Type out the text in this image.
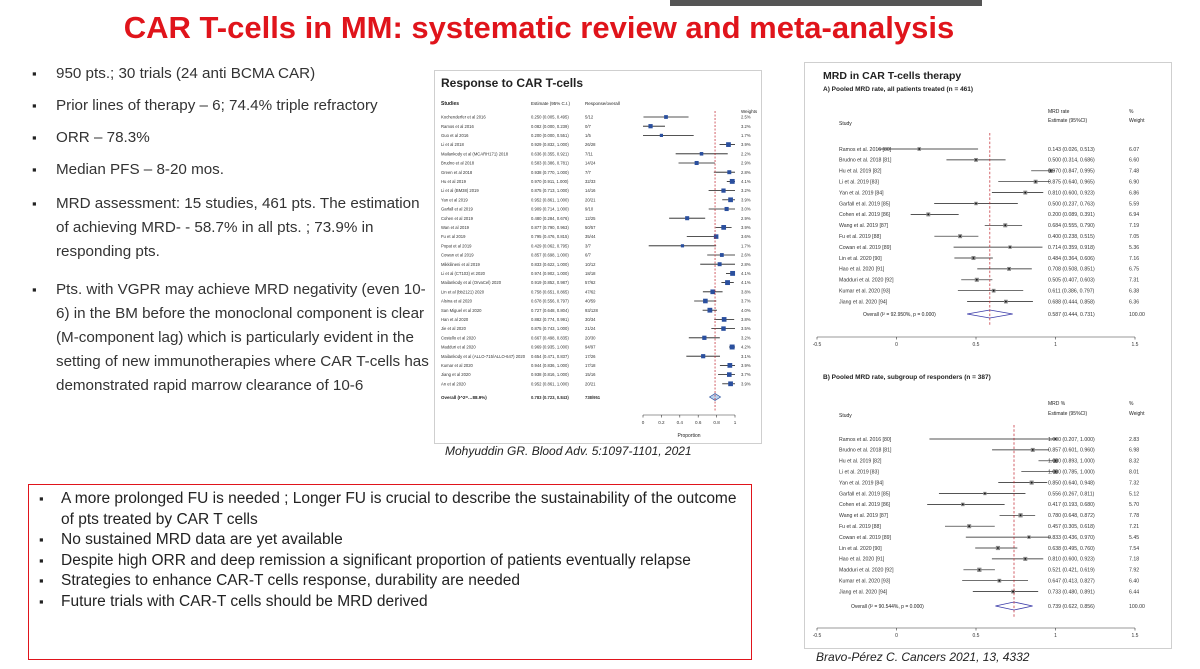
CAR T-cells in MM: systematic review and meta-analysis
▪ 950 pts.; 30 trials (24 anti BCMA CAR)
▪ Prior lines of therapy – 6; 74.4% triple refractory
▪ ORR – 78.3%
▪ Median PFS – 8-20 mos.
▪ MRD assessment: 15 studies, 461 pts. The estimation of achieving MRD- - 58.7% in all pts. ; 73.9% in responding pts.
▪ Pts. with VGPR may achieve MRD negativity (even 10-6) in the BM before the monoclonal component is clear (M-component lag) which is particularly evident in the setting of new immunotherapies where CAR T-cells has demonstrated rapid marrow clearance of 10-6
Response to CAR T-cells
Studies	Estimate (95% C.I.)	Response/overall
Weights
Kochenderfer et al 2016	0.250 (0.005, 0.495)	5/12	2.5%
Ramos et al 2016	0.082 (0.000, 0.239)	0/7	3.2%
Guo et al 2016	0.200 (0.000, 0.551)	1/5	1.7%
Li et al 2018	0.929 (0.832, 1.000)	26/28	3.9%
Mailankody et al (MCARH171) 2018	0.636 (0.355, 0.921)	7/11	2.2%
Brudno et al 2018	0.583 (0.386, 0.781)	14/24	2.9%
Green et al 2018	0.938 (0.770, 1.000)	7/7	2.8%
Hu et al 2019	0.970 (0.911, 1.000)	32/33	4.1%
Li et al (BM38) 2019	0.875 (0.713, 1.000)	14/16	3.2%
Yan et al 2019	0.952 (0.861, 1.000)	20/21	3.9%
Garfall et al 2019	0.909 (0.714, 1.000)	9/10	3.0%
Cohen et al 2019	0.480 (0.284, 0.676)	12/25	2.9%
Wan et al 2019	0.877 (0.790, 0.963)	50/57	3.9%
Fu et al 2019	0.795 (0.476, 0.815)	35/44	3.6%
Popat et al 2019	0.429 (0.062, 0.795)	3/7	1.7%
Cowan et al 2019	0.857 (0.698, 1.000)	6/7	2.6%
Mikkilineni et al 2019	0.833 (0.622, 1.000)	10/12	2.8%
Li et al (CT103) et 2020	0.974 (0.902, 1.000)	18/18	4.1%
Mailankody et al (OrvaCel) 2020	0.919 (0.852, 0.987)	57/62	4.1%
Lin et al (bb2121) 2020	0.758 (0.651, 0.865)	47/62	3.8%
Alsina et al 2020	0.678 (0.556, 0.797)	40/59	3.7%
San Miguel et al 2020	0.727 (0.648, 0.804)	93/128	4.0%
Han et al 2020	0.882 (0.774, 0.991)	30/34	3.8%
Jie et al 2020	0.875 (0.743, 1.000)	21/24	3.5%
Costello et al 2020	0.667 (0.498, 0.835)	20/30	3.2%
Madduri et al 2020	0.969 (0.935, 1.000)	94/97	4.2%
Mailankody et al (ALLO-715/ALLO-647) 2020 0.654 (0.471, 0.837)	17/26	3.1%
Kumar et al 2020	0.944 (0.836, 1.000)	17/18	3.9%
Jiang et al 2020	0.938 (0.816, 1.000)	15/16	3.7%
An et al 2020	0.952 (0.861, 1.000)	20/21	3.9%
0.783 (0.723, 0.843)	738/951
0	0.2	0.4	0.6	0.8	1
Overall (I^2=…88.9%)
Proportion
Mohyuddin GR. Blood Adv. 5:1097-1101, 2021
MRD in CAR T-cells therapy
A) Pooled MRD rate, all patients treated (n = 461)
MRD rate	%
Study	Estimate (95%CI)	Weight
Ramos et al. 2016 [80]	0.143 (0.026, 0.513)	6.07
Brudno et al. 2018 [81]	0.500 (0.314, 0.686)	6.60
Hu et al. 2019 [82]	0.970 (0.847, 0.995)	7.48
Li et al. 2019 [83]	0.875 (0.640, 0.965)	6.90
Yan et al. 2019 [84]	0.810 (0.600, 0.923)	6.86
Garfall et al. 2019 [85]	0.500 (0.237, 0.763)	5.59
Cohen et al. 2019 [86]	0.200 (0.089, 0.391)	6.94
Wang et al. 2019 [87]	0.684 (0.555, 0.790)	7.19
Fu et al. 2019 [88]	0.400 (0.238, 0.515)	7.05
Cowan et al. 2019 [89]	0.714 (0.359, 0.918)	5.36
Lin et al. 2020 [90]	0.484 (0.364, 0.606)	7.16
Hao et al. 2020 [91]	0.708 (0.508, 0.851)	6.75
Madduri et al. 2020 [92]	0.505 (0.407, 0.603)	7.31
Kumar et al. 2020 [93]	0.611 (0.386, 0.797)	6.38
Jiang et al. 2020 [94]	0.688 (0.444, 0.858)	6.36
0.587 (0.444, 0.731)	100.00
-0.5	0	0.5	1	1.5
Overall (I² = 92.950%, p = 0.000)
B) Pooled MRD rate, subgroup of responders (n = 387)
MRD %	%
Study	Estimate (95%CI)	Weight
Ramos et al. 2016 [80]	1.000 (0.207, 1.000)	2.83
Brudno et al. 2018 [81]	0.857 (0.601, 0.960)	6.98
Hu et al. 2019 [82]	1.000 (0.893, 1.000)	8.32
Li et al. 2019 [83]	1.000 (0.785, 1.000)	8.01
Yan et al. 2019 [84]	0.850 (0.640, 0.948)	7.32
Garfall et al. 2019 [85]	0.556 (0.267, 0.811)	5.12
Cohen et al. 2019 [86]	0.417 (0.193, 0.680)	5.70
Wang et al. 2019 [87]	0.780 (0.648, 0.872)	7.78
Fu et al. 2019 [88]	0.457 (0.305, 0.618)	7.21
Cowan et al. 2019 [89]	0.833 (0.436, 0.970)	5.45
Lin et al. 2020 [90]	0.638 (0.495, 0.760)	7.54
Hao et al. 2020 [91]	0.810 (0.600, 0.923)	7.18
Madduri et al. 2020 [92]	0.521 (0.421, 0.619)	7.92
Kumar et al. 2020 [93]	0.647 (0.413, 0.827)	6.40
Jiang et al. 2020 [94]	0.733 (0.480, 0.891)	6.44
0.739 (0.622, 0.856)	100.00
-0.5	0	0.5	1	1.5
Overall (I² = 90.544%, p = 0.000)
Bravo-Pérez C. Cancers 2021, 13, 4332
▪ A more prolonged FU is needed ; Longer FU is crucial to describe the sustainability of the outcome of pts treated by CAR T cells
▪ No sustained MRD data are yet available
▪ Despite high ORR and deep remission a significant proportion of patients eventually relapse
▪ Strategies to enhance CAR-T cells response, durability are needed
▪ Future trials with CAR-T cells should be MRD derived
